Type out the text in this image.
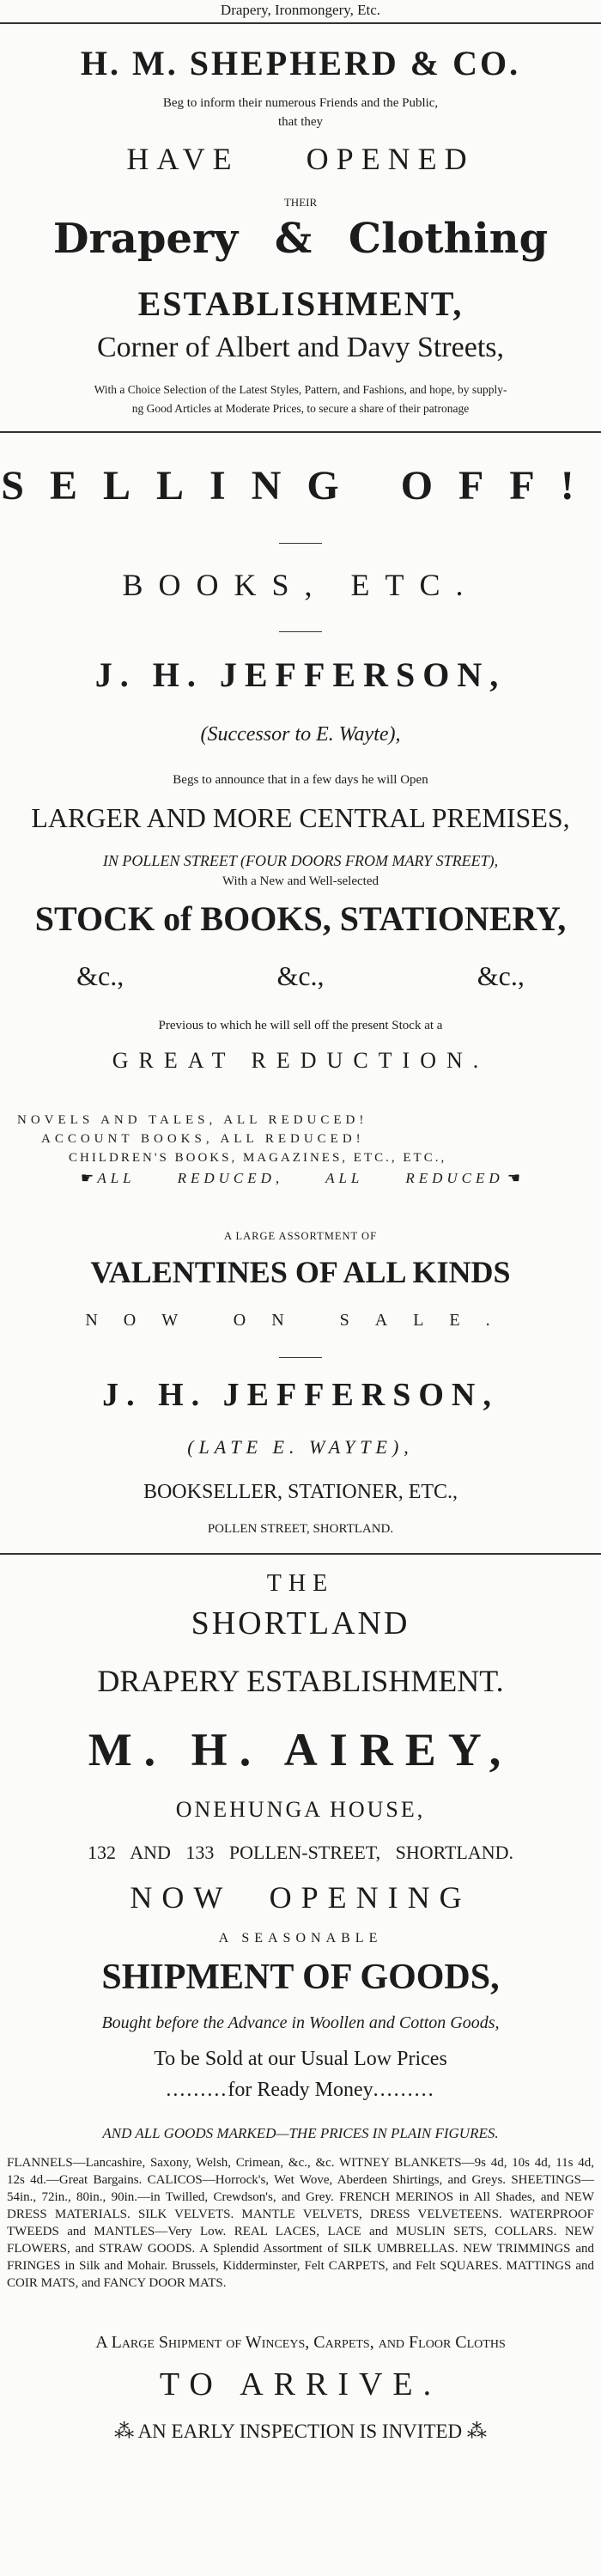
Drapery, Ironmongery, Etc.
H. M. SHEPHERD & CO.
Beg to inform their numerous Friends and the Public,
that they
HAVE OPENED
THEIR
Drapery & Clothing
ESTABLISHMENT,
Corner of Albert and Davy Streets,
With a Choice Selection of the Latest Styles, Pattern, and Fashions, and hope, by supply-
ng Good Articles at Moderate Prices, to secure a share of their patronage
SELLING OFF!
BOOKS, ETC.
J. H. JEFFERSON,
(Successor to E. Wayte),
Begs to announce that in a few days he will Open
LARGER AND MORE CENTRAL PREMISES,
IN POLLEN STREET (FOUR DOORS FROM MARY STREET),
With a New and Well-selected
STOCK of BOOKS, STATIONERY,
&c.,	&c.,	&c.,
Previous to which he will sell off the present Stock at a
GREAT REDUCTION.
NOVELS AND TALES, ALL REDUCED!
ACCOUNT BOOKS, ALL REDUCED!
CHILDREN'S BOOKS, MAGAZINES, ETC., ETC.,
☛ ALL REDUCED, ALL REDUCED ☚
A LARGE ASSORTMENT OF
VALENTINES OF ALL KINDS
NOW ON SALE.
J. H. JEFFERSON,
(LATE E. WAYTE),
BOOKSELLER, STATIONER, ETC.,
POLLEN STREET, SHORTLAND.
THE
SHORTLAND
DRAPERY ESTABLISHMENT.
M. H. AIREY,
ONEHUNGA HOUSE,
132 AND 133 POLLEN-STREET, SHORTLAND.
NOW OPENING
A SEASONABLE
SHIPMENT OF GOODS,
Bought before the Advance in Woollen and Cotton Goods,
To be Sold at our Usual Low Prices
.........for Ready Money.........
AND ALL GOODS MARKED—THE PRICES IN PLAIN FIGURES.
FLANNELS—Lancashire, Saxony, Welsh, Crimean, &c., &c. WITNEY BLANKETS—9s 4d, 10s 4d, 11s 4d, 12s 4d.—Great Bargains. CALICOS—Horrock's, Wet Wove, Aberdeen Shirtings, and Greys. SHEETINGS—54in., 72in., 80in., 90in.—in Twilled, Crewdson's, and Grey. FRENCH MERINOS in All Shades, and NEW DRESS MATERIALS. SILK VELVETS. MANTLE VELVETS, DRESS VELVETEENS. WATERPROOF TWEEDS and MANTLES—Very Low. REAL LACES, LACE and MUSLIN SETS, COLLARS. NEW FLOWERS, and STRAW GOODS. A Splendid Assortment of SILK UMBRELLAS. NEW TRIMMINGS and FRINGES in Silk and Mohair. Brussels, Kidderminster, Felt CARPETS, and Felt SQUARES. MATTINGS and COIR MATS, and FANCY DOOR MATS.
A Large Shipment of Winceys, Carpets, and Floor Cloths
TO ARRIVE.
⁂ AN EARLY INSPECTION IS INVITED ⁂
